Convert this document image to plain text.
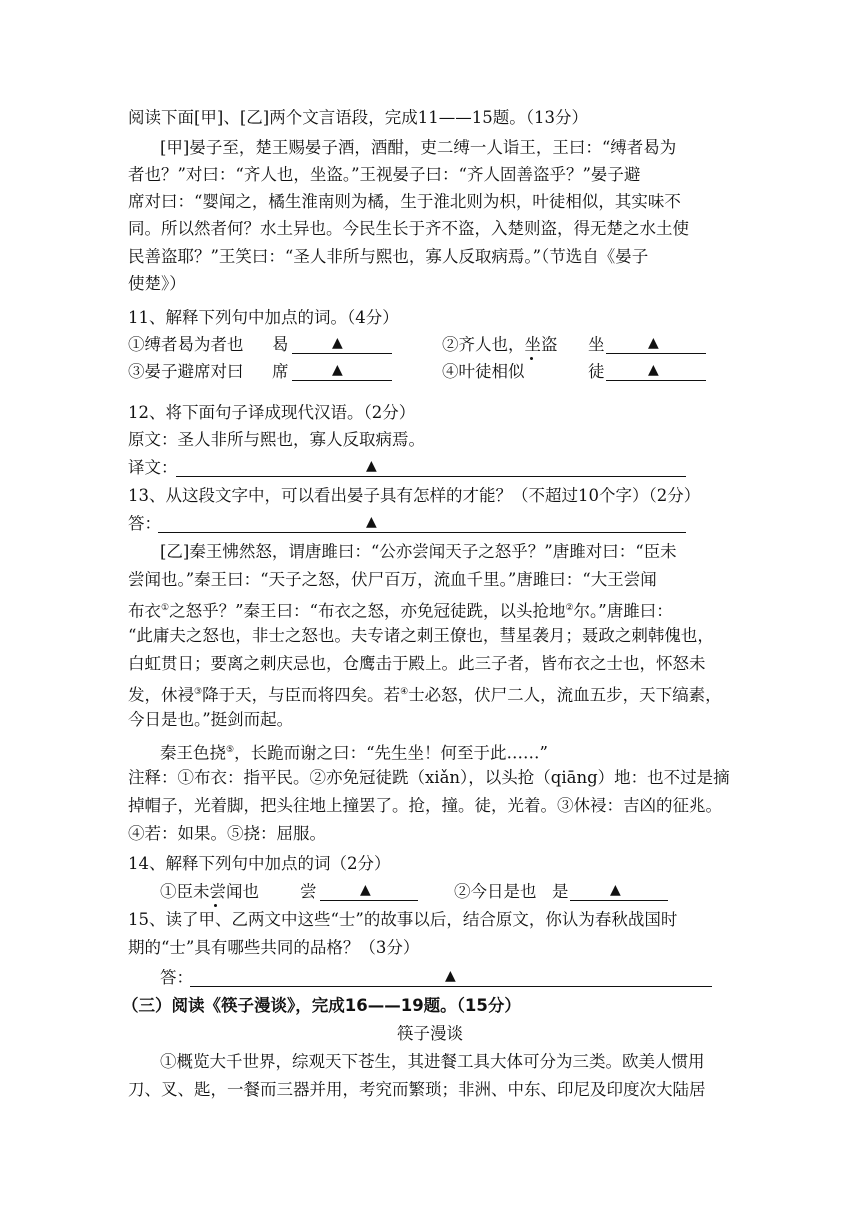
阅读下面[甲]、[乙]两个文言语段，完成11——15题。（13分）
[甲]晏子至，楚王赐晏子酒，酒酣，吏二缚一人诣王，王曰：“缚者曷为
者也？”对曰：“齐人也，坐盗。”王视晏子曰：“齐人固善盗乎？”晏子避
席对曰：“婴闻之，橘生淮南则为橘，生于淮北则为枳，叶徒相似，其实味不
同。所以然者何？水土异也。今民生长于齐不盗，入楚则盗，得无楚之水土使
民善盗耶？”王笑曰：“圣人非所与熙也，寡人反取病焉。”（节选自《晏子
使楚》）
11、解释下列句中加点的词。（4分）
①缚者曷为者也	曷	▲	②齐人也，坐盗	坐	▲
③晏子避席对曰	席	▲	④叶徒相似	徒	▲
12、将下面句子译成现代汉语。（2分）
原文：圣人非所与熙也，寡人反取病焉。
译文：	▲
13、从这段文字中，可以看出晏子具有怎样的才能？（不超过10个字）（2分）
答：	▲
[乙]秦王怫然怒，谓唐雎曰：“公亦尝闻天子之怒乎？”唐雎对曰：“臣未
尝闻也。”秦王曰：“天子之怒，伏尸百万，流血千里。”唐雎曰：“大王尝闻
布衣①之怒乎？”秦王曰：“布衣之怒，亦免冠徒跣，以头抢地②尔。”唐雎曰：
“此庸夫之怒也，非士之怒也。夫专诸之刺王僚也，彗星袭月；聂政之刺韩傀也，
白虹贯日；要离之刺庆忌也，仓鹰击于殿上。此三子者，皆布衣之士也，怀怒未
发，休祲③降于天，与臣而将四矣。若④士必怒，伏尸二人，流血五步，天下缟素，
今日是也。”挺剑而起。
秦王色挠⑤，长跪而谢之曰：“先生坐！何至于此……”
注释：①布衣：指平民。②亦免冠徒跣（xiǎn），以头抢（qiāng）地：也不过是摘
掉帽子，光着脚，把头往地上撞罢了。抢，撞。徒，光着。③休祲：吉凶的征兆。
④若：如果。⑤挠：屈服。
14、解释下列句中加点的词（2分）
①臣未尝闻也	尝	▲	②今日是也 是	▲
15、读了甲、乙两文中这些“士”的故事以后，结合原文，你认为春秋战国时
期的“士”具有哪些共同的品格？（3分）
答：	▲
（三）阅读《筷子漫谈》，完成16——19题。（15分）
筷子漫谈
①概览大千世界，综观天下苍生，其进餐工具大体可分为三类。欧美人惯用
刀、叉、匙，一餐而三器并用，考究而繁琐；非洲、中东、印尼及印度次大陆居
